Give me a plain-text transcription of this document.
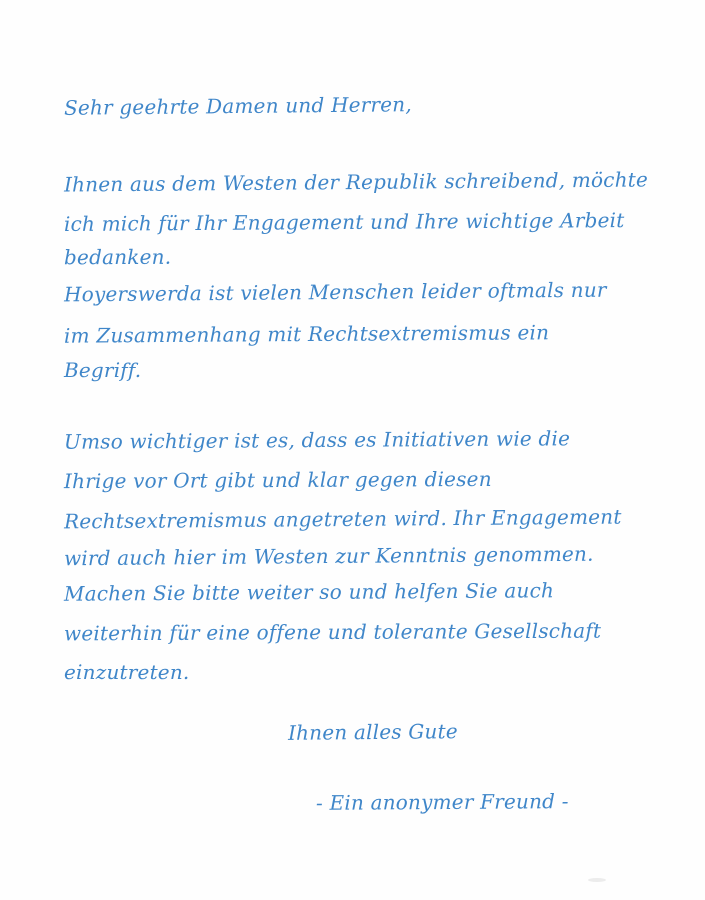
Sehr geehrte Damen und Herren,
Ihnen aus dem Westen der Republik schreibend, möchte
ich mich für Ihr Engagement und Ihre wichtige Arbeit
bedanken.
Hoyerswerda ist vielen Menschen leider oftmals nur
im Zusammenhang mit Rechtsextremismus ein
Begriff.
Umso wichtiger ist es, dass es Initiativen wie die
Ihrige vor Ort gibt und klar gegen diesen
Rechtsextremismus angetreten wird. Ihr Engagement
wird auch hier im Westen zur Kenntnis genommen.
Machen Sie bitte weiter so und helfen Sie auch
weiterhin für eine offene und tolerante Gesellschaft
einzutreten.
Ihnen alles Gute
- Ein anonymer Freund -
